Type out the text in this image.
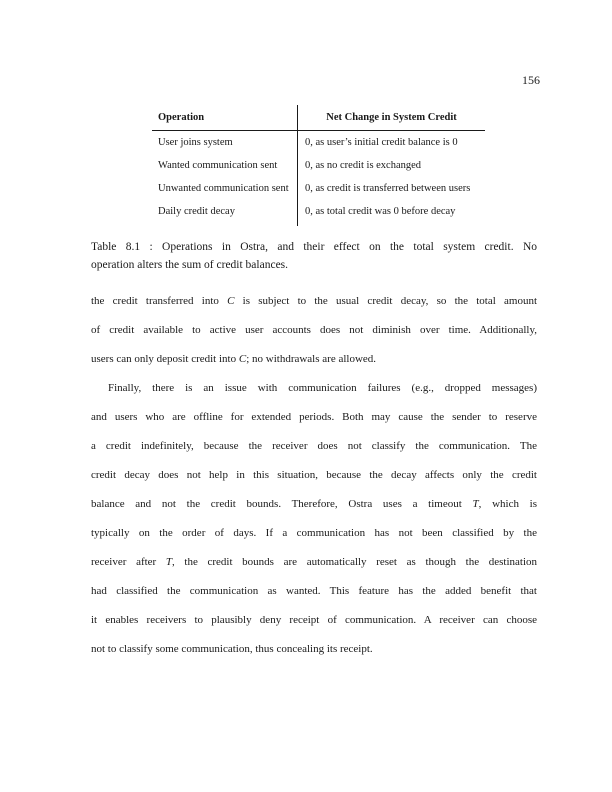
156
Operation	Net Change in System Credit
User joins system	0, as user’s initial credit balance is 0
Wanted communication sent	0, as no credit is exchanged
Unwanted communication sent	0, as credit is transferred between users
Daily credit decay	0, as total credit was 0 before decay
Table 8.1 : Operations in Ostra, and their effect on the total system credit. No
operation alters the sum of credit balances.
the credit transferred into C is subject to the usual credit decay, so the total amount
of credit available to active user accounts does not diminish over time. Additionally,
users can only deposit credit into C; no withdrawals are allowed.
Finally, there is an issue with communication failures (e.g., dropped messages)
and users who are offline for extended periods. Both may cause the sender to reserve
a credit indefinitely, because the receiver does not classify the communication. The
credit decay does not help in this situation, because the decay affects only the credit
balance and not the credit bounds. Therefore, Ostra uses a timeout T, which is
typically on the order of days. If a communication has not been classified by the
receiver after T, the credit bounds are automatically reset as though the destination
had classified the communication as wanted. This feature has the added benefit that
it enables receivers to plausibly deny receipt of communication. A receiver can choose
not to classify some communication, thus concealing its receipt.
